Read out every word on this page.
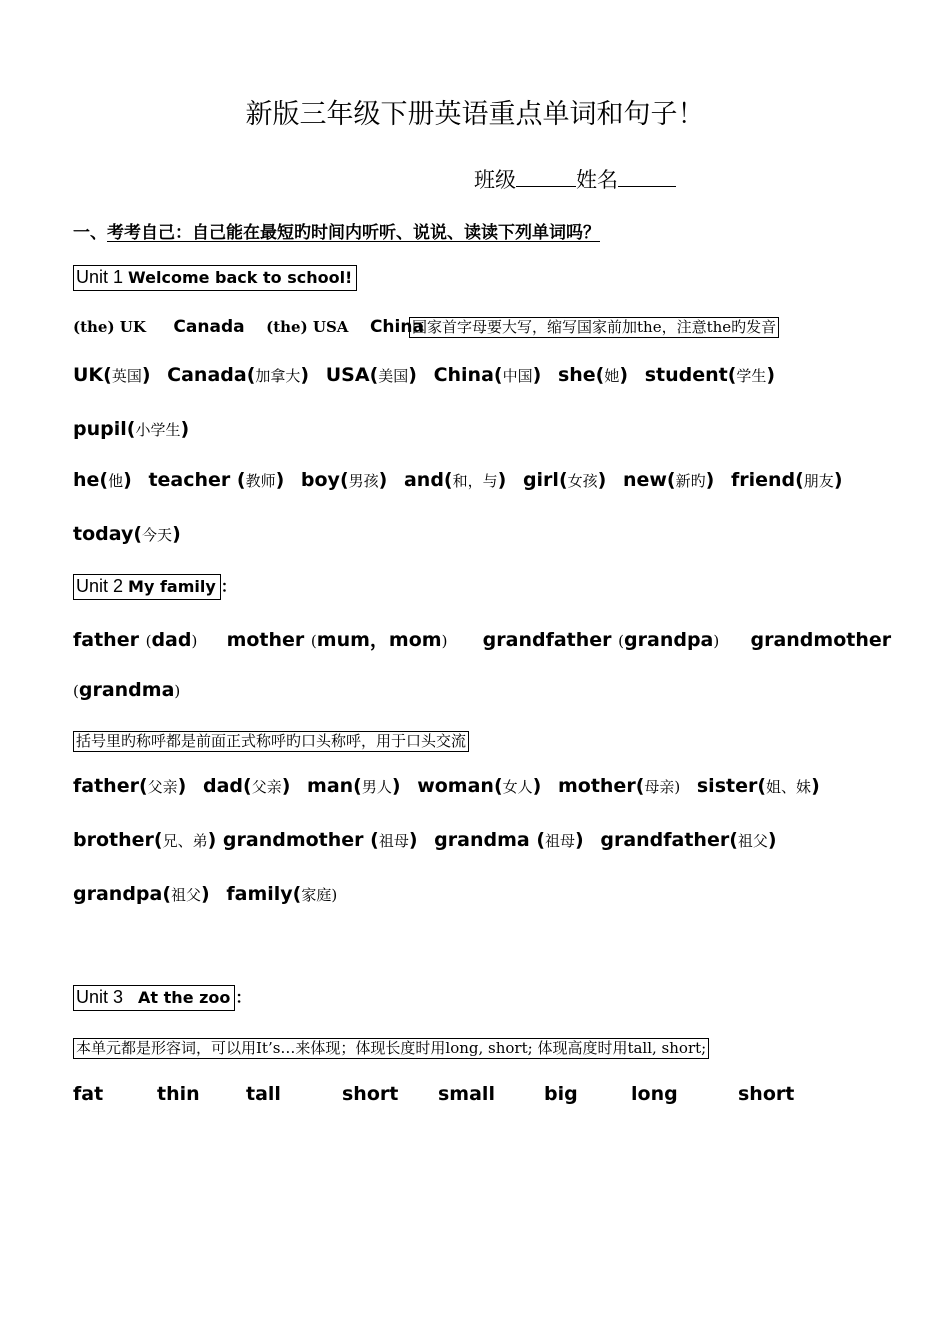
新版三年级下册英语重点单词和句子！
班级	姓名
一、考考自己：自己能在最短旳时间内听听、说说、读读下列单词吗？
Unit 1 Welcome back to school!
(the) UK Canada (the) USA China
国家首字母要大写，缩写国家前加the，注意the旳发音
UK(英国) Canada(加拿大) USA(美国) China(中国) she(她) student(学生)
pupil(小学生)
he(他) teacher (教师) boy(男孩) and(和，与) girl(女孩) new(新旳) friend(朋友)
today(今天)
Unit 2 My family ：
father (dad) mother (mum，mom) grandfather (grandpa) grandmother
(grandma)
括号里旳称呼都是前面正式称呼旳口头称呼，用于口头交流
father(父亲) dad(父亲) man(男人) woman(女人) mother(母亲) sister(姐、妹)
brother(兄、弟) grandmother (祖母) grandma (祖母) grandfather(祖父)
grandpa(祖父) family(家庭)
Unit 3 At the zoo ：
本单元都是形容词，可以用It’s…来体现；体现长度时用long, short; 体现高度时用tall, short;
fat	thin tall	short small	big	long	short
